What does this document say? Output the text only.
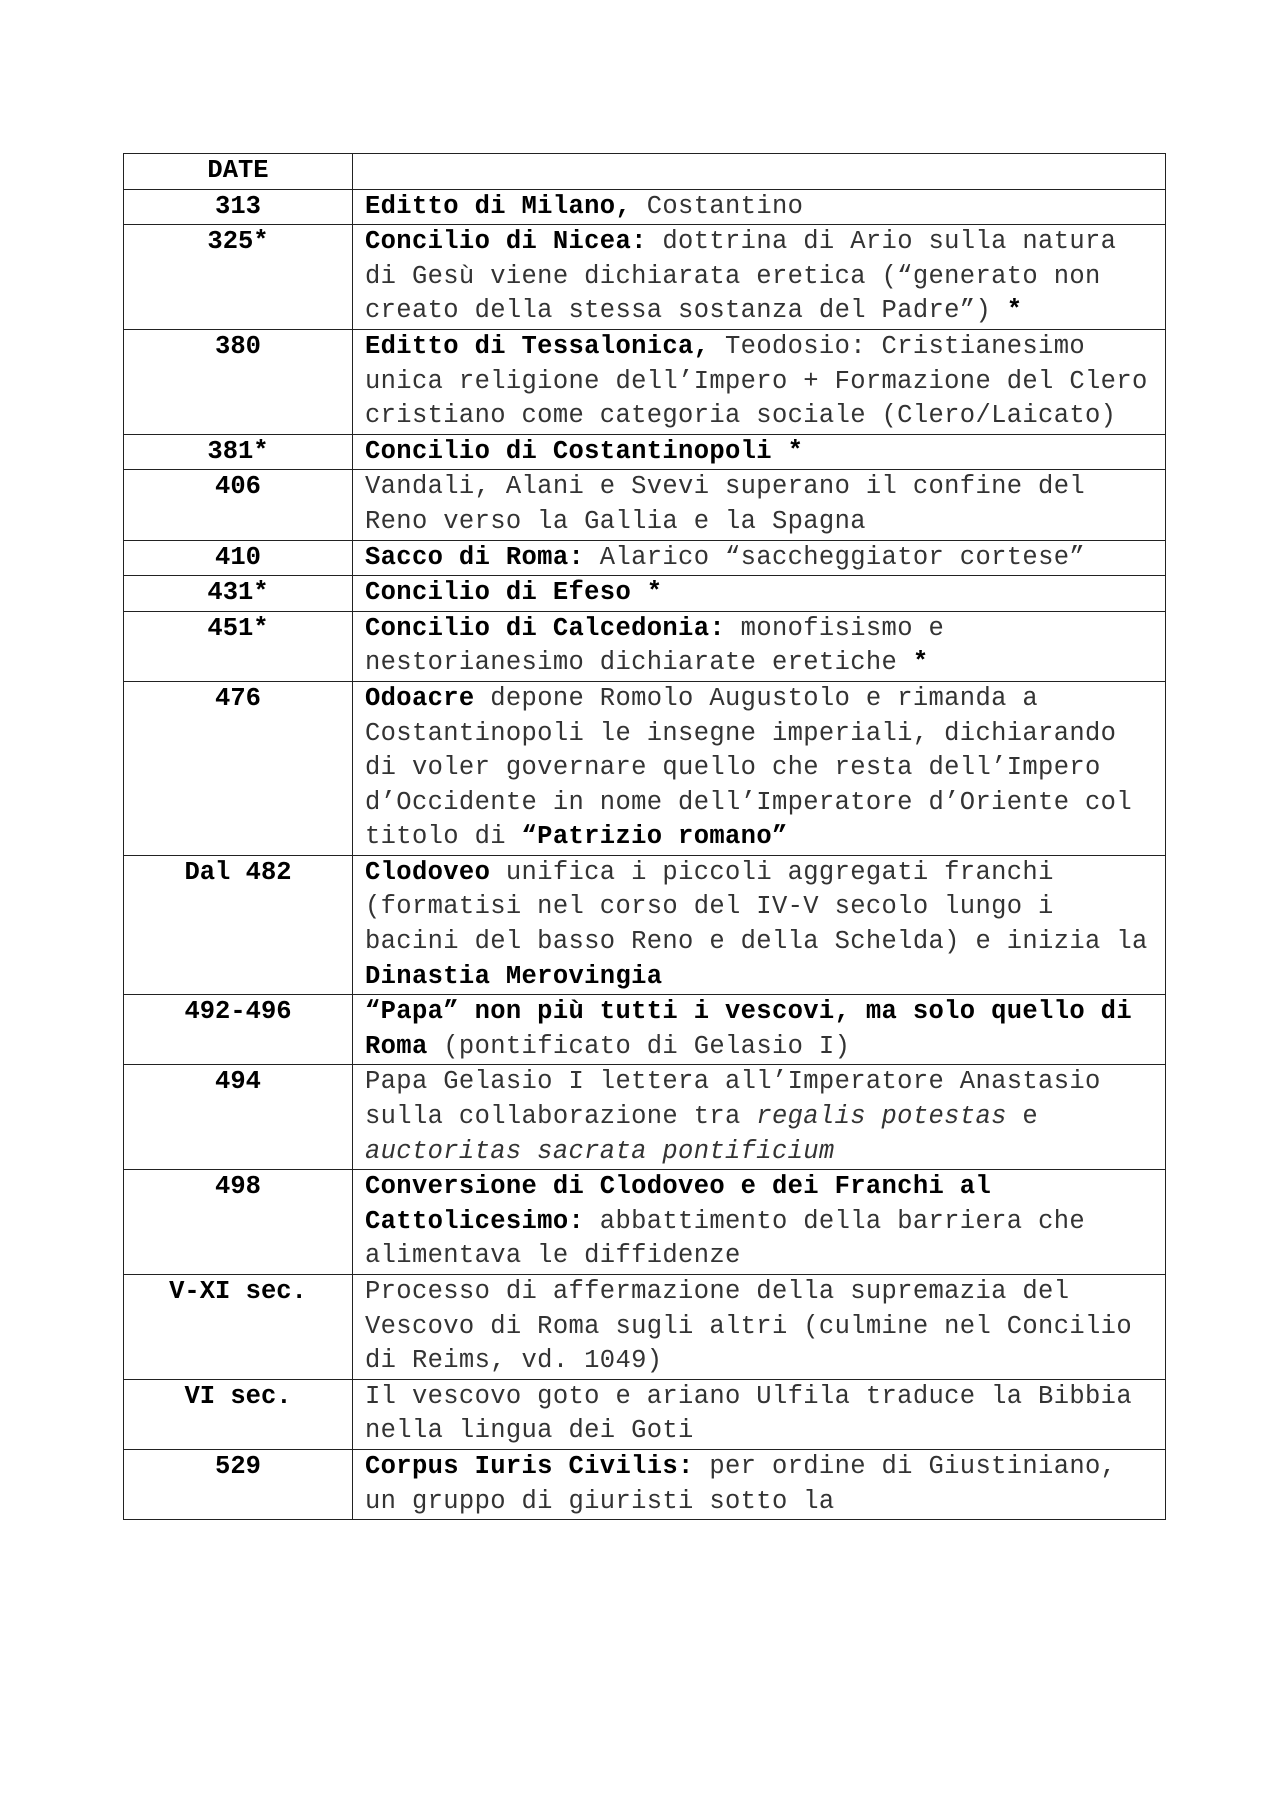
DATE	
313	Editto di Milano, Costantino
325*	Concilio di Nicea: dottrina di Ario sulla natura di Gesù viene dichiarata eretica (“generato non creato della stessa sostanza del Padre”) *
380	Editto di Tessalonica, Teodosio: Cristianesimo unica religione dell’Impero + Formazione del Clero cristiano come categoria sociale (Clero/Laicato)
381*	Concilio di Costantinopoli *
406	Vandali, Alani e Svevi superano il confine del Reno verso la Gallia e la Spagna
410	Sacco di Roma: Alarico “saccheggiator cortese”
431*	Concilio di Efeso *
451*	Concilio di Calcedonia: monofisismo e nestorianesimo dichiarate eretiche *
476	Odoacre depone Romolo Augustolo e rimanda a Costantinopoli le insegne imperiali, dichiarando di voler governare quello che resta dell’Impero d’Occidente in nome dell’Imperatore d’Oriente col titolo di “Patrizio romano”
Dal 482	Clodoveo unifica i piccoli aggregati franchi (formatisi nel corso del IV-V secolo lungo i bacini del basso Reno e della Schelda) e inizia la Dinastia Merovingia
492-496	“Papa” non più tutti i vescovi, ma solo quello di Roma (pontificato di Gelasio I)
494	Papa Gelasio I lettera all’Imperatore Anastasio sulla collaborazione tra regalis potestas e auctoritas sacrata pontificium
498	Conversione di Clodoveo e dei Franchi al Cattolicesimo: abbattimento della barriera che alimentava le diffidenze
V-XI sec.	Processo di affermazione della supremazia del Vescovo di Roma sugli altri (culmine nel Concilio di Reims, vd. 1049)
VI sec.	Il vescovo goto e ariano Ulfila traduce la Bibbia nella lingua dei Goti
529	Corpus Iuris Civilis: per ordine di Giustiniano, un gruppo di giuristi sotto la
